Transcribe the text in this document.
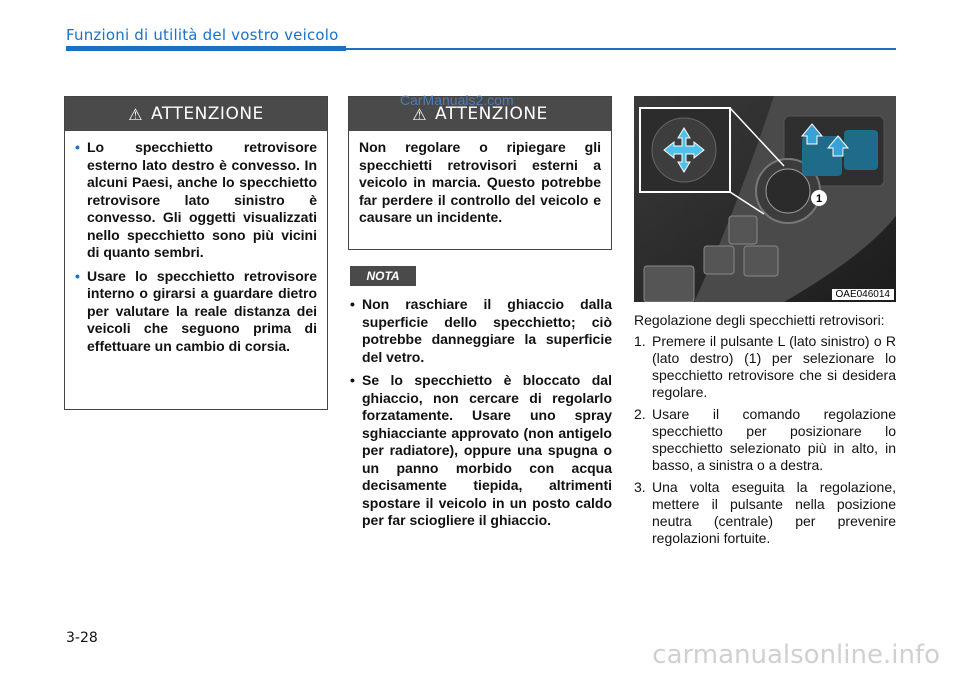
Funzioni di utilità del vostro veicolo
⚠ ATTENZIONE
• Lo specchietto retrovisore esterno lato destro è convesso. In alcuni Paesi, anche lo specchietto retrovisore lato sinistro è convesso. Gli oggetti visualizzati nello specchietto sono più vicini di quanto sembri.
• Usare lo specchietto retrovisore interno o girarsi a guardare dietro per valutare la reale distanza dei veicoli che seguono prima di effettuare un cambio di corsia.
⚠ ATTENZIONE
Non regolare o ripiegare gli specchietti retrovisori esterni a veicolo in marcia. Questo potrebbe far perdere il controllo del veicolo e causare un incidente.
CarManuals2.com
NOTA
• Non raschiare il ghiaccio dalla superficie dello specchietto; ciò potrebbe danneggiare la superficie del vetro.
• Se lo specchietto è bloccato dal ghiaccio, non cercare di regolarlo forzatamente. Usare uno spray sghiacciante approvato (non antigelo per radiatore), oppure una spugna o un panno morbido con acqua decisamente tiepida, altrimenti spostare il veicolo in un posto caldo per far sciogliere il ghiaccio.
1
OAE046014

Regolazione degli specchietti retrovisori:

1. Premere il pulsante L (lato sinistro) o R (lato destro) (1) per selezionare lo specchietto retrovisore che si desidera regolare.
2. Usare il comando regolazione specchietto per posizionare lo specchietto selezionato più in alto, in basso, a sinistra o a destra.
3. Una volta eseguita la regolazione, mettere il pulsante nella posizione neutra (centrale) per prevenire regolazioni fortuite.
3-28
carmanualsonline.info
